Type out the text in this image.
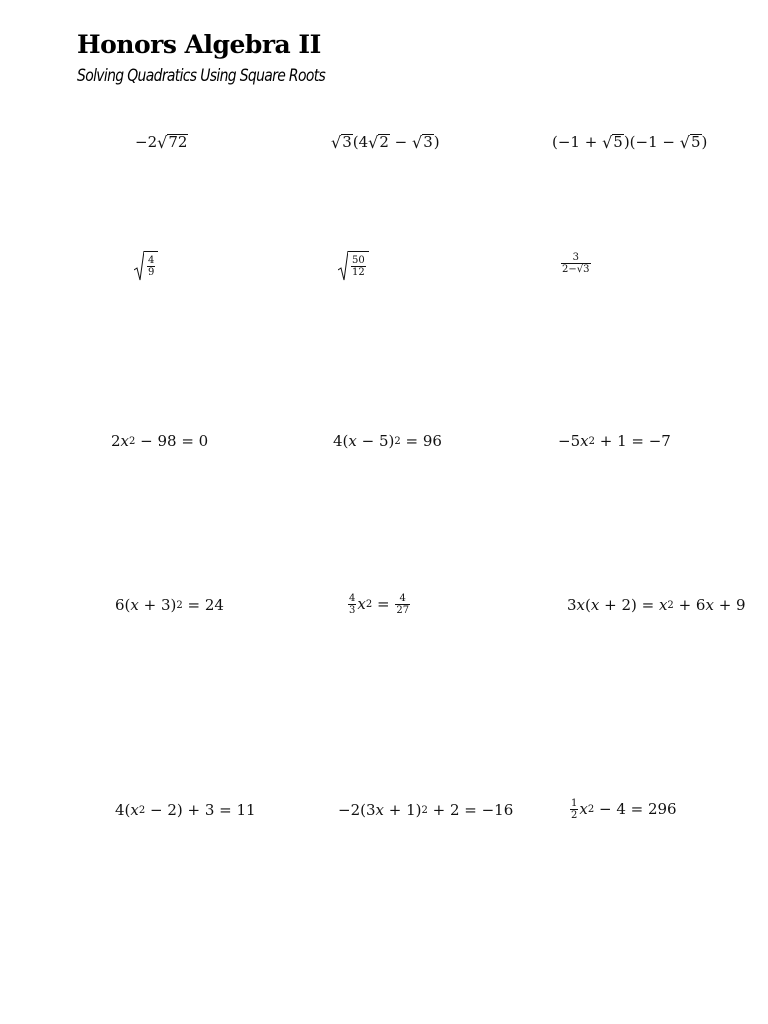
Honors Algebra II
Solving Quadratics Using Square Roots
−2 √ 72	√ 3 (4 √ 2 − √ 3 )	(−1 + √ 5 )(−1 − √ 5 )
$\frac{4}{9}$	$\frac{50}{12}$	$\frac{3}{2-√3}$
2 x 2 − 98 = 0	4( x − 5) 2 = 96	−5 x 2 + 1 = −7
6( x + 3) 2 = 24	$\frac{4}{3}$ x $2 = \frac{4}{27}$	3 x ( x + 2) = x 2 + 6 x + 9
4( x 2 − 2) + 3 = 11	−2(3 x + 1) 2 + 2 = −16	$\frac{1}{2}$ x 2 − 4 = 296
